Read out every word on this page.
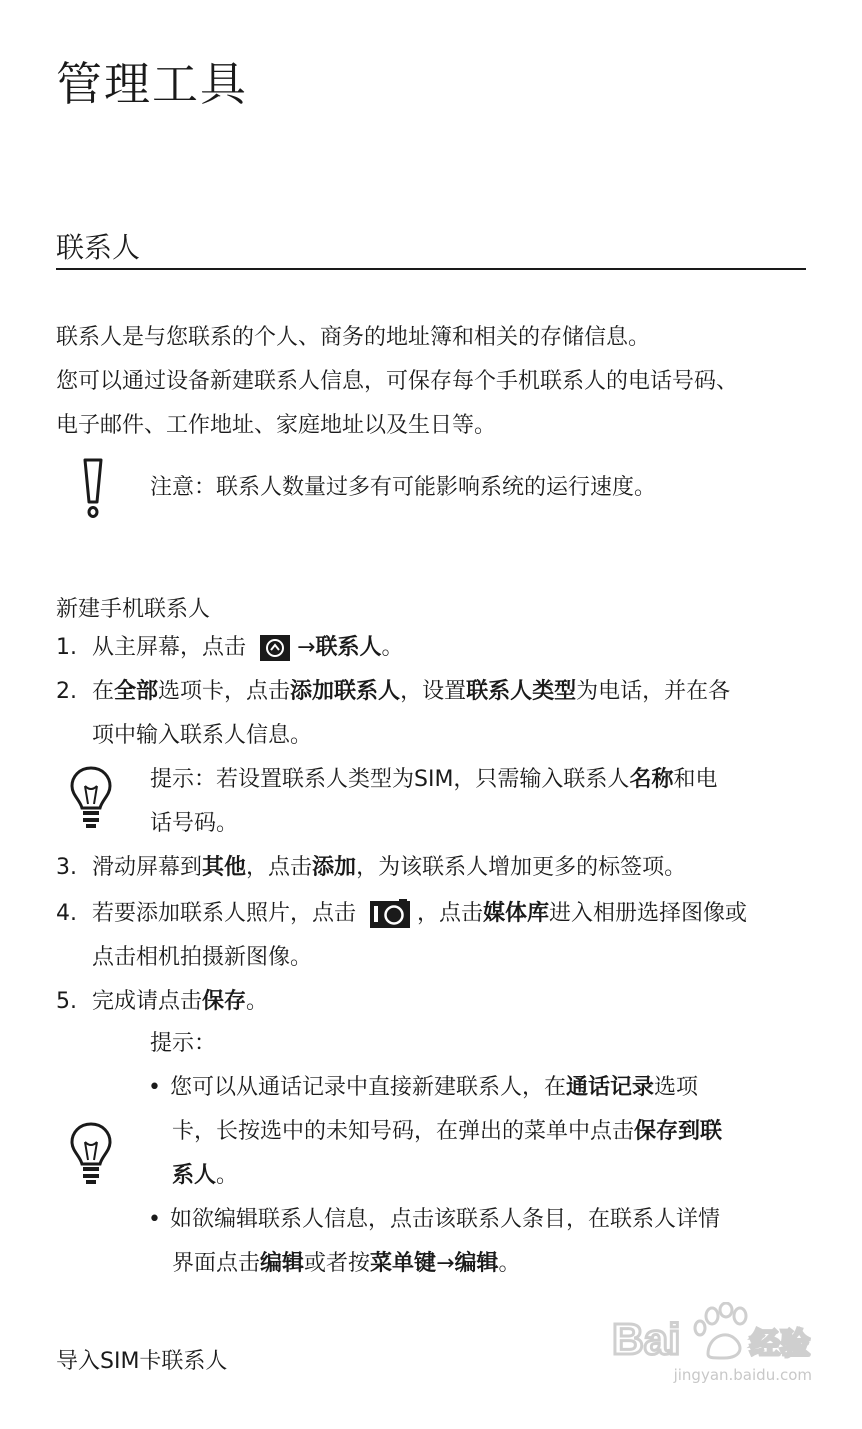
管理工具
联系人

联系人是与您联系的个人、商务的地址簿和相关的存储信息。

您可以通过设备新建联系人信息，可保存每个手机联系人的电话号码、

电子邮件、工作地址、家庭地址以及生日等。

注意：联系人数量过多有可能影响系统的运行速度。
新建手机联系人
1. 从主屏幕，点击 →联系人。
2. 在全部选项卡，点击添加联系人，设置联系人类型为电话，并在各
项中输入联系人信息。
提示：若设置联系人类型为SIM，只需输入联系人名称和电
话号码。
3. 滑动屏幕到其他，点击添加，为该联系人增加更多的标签项。
4. 若要添加联系人照片，点击	，点击媒体库进入相册选择图像或
点击相机拍摄新图像。
5. 完成请点击保存。
提示：
• 您可以从通话记录中直接新建联系人，在通话记录选项
卡，长按选中的未知号码，在弹出的菜单中点击保存到联
系人。
• 如欲编辑联系人信息，点击该联系人条目，在联系人详情
界面点击编辑或者按菜单键→编辑。
导入SIM卡联系人	Bai 经验
jingyan.baidu.com
